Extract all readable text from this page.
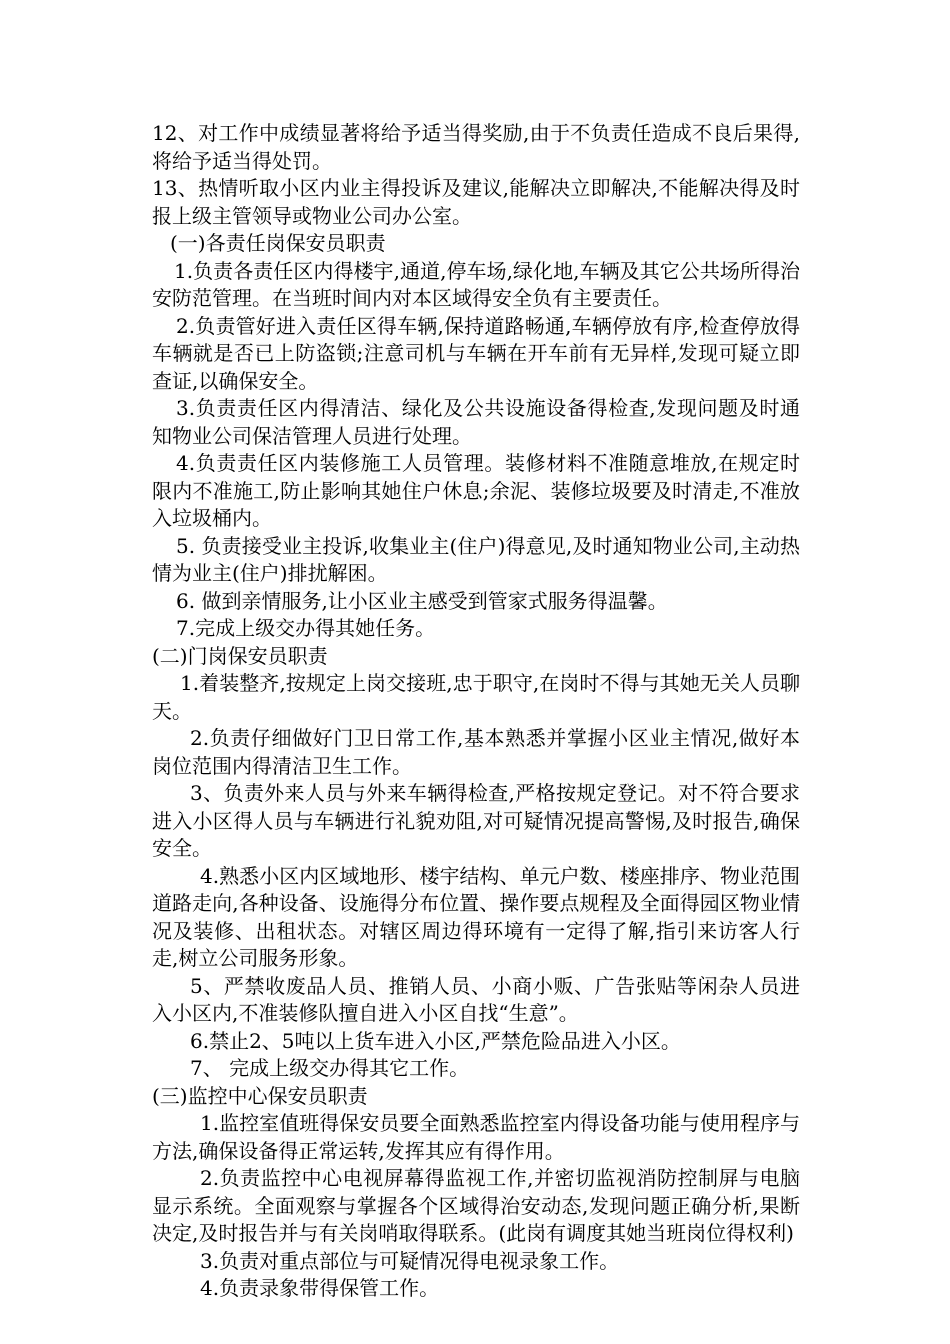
12、对工作中成绩显著将给予适当得奖励,由于不负责任造成不良后果得,将给予适当得处罚。

13、热情听取小区内业主得投诉及建议,能解决立即解决,不能解决得及时报上级主管领导或物业公司办公室。

(一)各责任岗保安员职责

1.负责各责任区内得楼宇,通道,停车场,绿化地,车辆及其它公共场所得治安防范管理。在当班时间内对本区域得安全负有主要责任。

2.负责管好进入责任区得车辆,保持道路畅通,车辆停放有序,检查停放得车辆就是否已上防盗锁;注意司机与车辆在开车前有无异样,发现可疑立即查证,以确保安全。

3.负责责任区内得清洁、绿化及公共设施设备得检查,发现问题及时通知物业公司保洁管理人员进行处理。

4.负责责任区内装修施工人员管理。装修材料不准随意堆放,在规定时限内不准施工,防止影响其她住户休息;余泥、装修垃圾要及时清走,不准放入垃圾桶内。

5. 负责接受业主投诉,收集业主(住户)得意见,及时通知物业公司,主动热情为业主(住户)排扰解困。

6. 做到亲情服务,让小区业主感受到管家式服务得温馨。

7.完成上级交办得其她任务。

(二)门岗保安员职责

1.着装整齐,按规定上岗交接班,忠于职守,在岗时不得与其她无关人员聊天。

2.负责仔细做好门卫日常工作,基本熟悉并掌握小区业主情况,做好本岗位范围内得清洁卫生工作。

3、负责外来人员与外来车辆得检查,严格按规定登记。对不符合要求进入小区得人员与车辆进行礼貌劝阻,对可疑情况提高警惕,及时报告,确保安全。

4.熟悉小区内区域地形、楼宇结构、单元户数、楼座排序、物业范围道路走向,各种设备、设施得分布位置、操作要点规程及全面得园区物业情况及装修、出租状态。对辖区周边得环境有一定得了解,指引来访客人行走,树立公司服务形象。

5、严禁收废品人员、推销人员、小商小贩、广告张贴等闲杂人员进入小区内,不准装修队擅自进入小区自找“生意”。

6.禁止2、5吨以上货车进入小区,严禁危险品进入小区。

7、 完成上级交办得其它工作。

(三)监控中心保安员职责

1.监控室值班得保安员要全面熟悉监控室内得设备功能与使用程序与方法,确保设备得正常运转,发挥其应有得作用。

2.负责监控中心电视屏幕得监视工作,并密切监视消防控制屏与电脑显示系统。全面观察与掌握各个区域得治安动态,发现问题正确分析,果断决定,及时报告并与有关岗哨取得联系。(此岗有调度其她当班岗位得权利)

3.负责对重点部位与可疑情况得电视录象工作。

4.负责录象带得保管工作。
